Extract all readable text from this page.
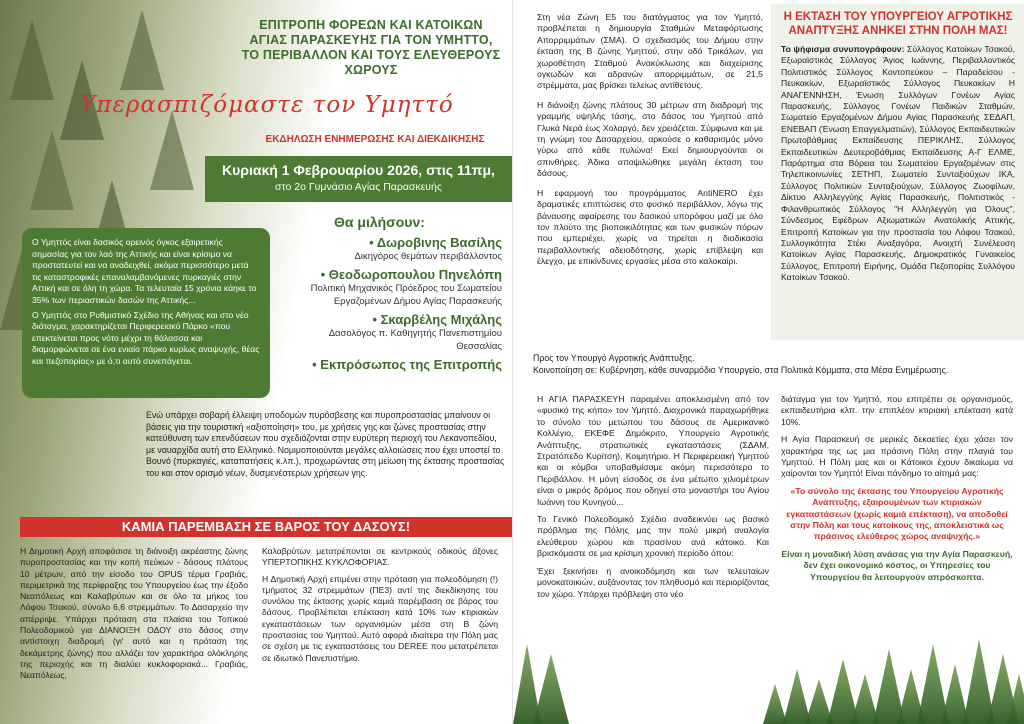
ΕΠΙΤΡΟΠΗ ΦΟΡΕΩΝ ΚΑΙ ΚΑΤΟΙΚΩΝ ΑΓΙΑΣ ΠΑΡΑΣΚΕΥΗΣ ΓΙΑ ΤΟΝ ΥΜΗΤΤΟ, ΤΟ ΠΕΡΙΒΑΛΛΟΝ ΚΑΙ ΤΟΥΣ ΕΛΕΥΘΕΡΟΥΣ ΧΩΡΟΥΣ
Υπερασπιζόμαστε τον Υμηττό
ΕΚΔΗΛΩΣΗ ΕΝΗΜΕΡΩΣΗΣ ΚΑΙ ΔΙΕΚΔΙΚΗΣΗΣ
Κυριακή 1 Φεβρουαρίου 2026, στις 11πμ,
στο 2ο Γυμνάσιο Αγίας Παρασκευής
Θα μιλήσουν:
• Δωροβινης Βασίλης
Δικηγόρος θεμάτων περιβάλλοντος
• Θεοδωροπουλου Πηνελόπη
Πολιτική Μηχανικός Πρόεδρος του Σωματείου Εργαζομένων Δήμου Αγίας Παρασκευής
• Σκαρβέλης Μιχάλης
Δασολόγος π. Καθηγητής Πανεπιστημίου Θεσσαλίας
• Εκπρόσωπος της Επιτροπής

Ο Υμηττός είναι δασικός ορεινός όγκος εξαιρετικής σημασίας για τον λαό της Αττικής και είναι κρίσιμο να προστατευτεί και να αναδειχθεί, ακόμα περισσότερο μετά τις καταστροφικές επαναλαμβανόμενες πυρκαγιές στην Αττική και σε όλη τη χώρα. Τα τελευταία 15 χρόνια κάηκε το 35% των περιαστικών δασών της Αττικής...

Ο Υμηττός στο Ρυθμιστικό Σχέδιο της Αθήνας και στο νέο διάταγμα, χαρακτηρίζεται Περιφερειακό Πάρκο «που επεκτείνεται προς νότο μέχρι τη θάλασσα και διαμορφώνεται σε ένα ενιαίο πάρκο κυρίως αναψυχής, θέας και πεζοπορίας» με ό,τι αυτό συνεπάγεται.

Ενώ υπάρχει σοβαρή έλλειψη υποδομών πυρόσβεσης και πυροπροστασίας μπαίνουν οι βάσεις για την τουριστική «αξιοποίηση» του, με χρήσεις γης και ζώνες προστασίας στην κατεύθυνση των επενδύσεων που σχεδιάζονται στην ευρύτερη περιοχή του Λεκανοπεδίου, με ναυαρχίδα αυτή στο Ελληνικό. Νομιμοποιούνται μεγάλες αλλοιώσεις που έχει υποστεί το Βουνό (πυρκαγιές, καταπατήσεις κ.λπ.), προχωρώντας στη μείωση της έκτασης προστασίας του και στον ορισμό νέων, δυσμενέστερων χρήσεων γης.
ΚΑΜΙΑ ΠΑΡΕΜΒΑΣΗ ΣΕ ΒΑΡΟΣ ΤΟΥ ΔΑΣΟΥΣ!

Η Δημοτική Αρχή αποφάσισε τη διάνοιξη ακρέαστης ζώνης πυροπροστασίας και την κοπή πεύκων - δάσους πλάτους 10 μέτρων, από την είσοδο του OPUS τέρμα Γραβιάς, περιμετρικά της περίφραξης του Υπουργείου έως την έξοδο Νεαπόλεως και Καλαβρύτων και σε όλο τα μήκος του Λόφου Τσακού, σύνολο 6,6 στρεμμάτων. Το Δασαρχείο την απέρριψε. Υπάρχει πρόταση στα πλαίσια του Τοπικού Πολεοδομικού για ΔΙΑΝΟΙΞΗ ΟΔΟΥ στο δάσος στην αντίστοιχη διαδρομή (γι' αυτό και η πρόταση της δεκάμετρης ζώνης) που αλλάζει τον χαρακτήρα ολόκληρης της περιοχής και τη διαλύει κυκλοφοριακά... Γραβιάς, Νεαπόλεως,

Καλαβρύτων μετατρέπονται σε κεντρικούς οδικούς άξονες ΥΠΕΡΤΟΠΙΚΗΣ ΚΥΚΛΟΦΟΡΙΑΣ.

Η Δημοτική Αρχή επιμένει στην πρόταση για πολεοδόμηση (!) τμήματος 32 στρεμμάτων (ΠΕ3) αντί της διεκδίκησης του συνόλου της έκτασης χωρίς καμιά παρέμβαση σε βάρος του δάσους. Προβλέπεται επέκταση κατά 10% των κτιριακών εγκαταστάσεων των οργανισμών μέσα στη Β ζώνη προστασίας του Υμηττού. Αυτό αφορά ιδιαίτερα την Πόλη μας σε σχέση με τις εγκαταστάσεις του DEREE που μετατρέπεται σε ιδιωτικό Πανεπιστήμιο.

Στη νέα Ζώνη Ε5 του διατάγματος για τον Υμηττό, προβλέπεται η δημιουργία Σταθμών Μεταφόρτωσης Απορριμμάτων (ΣΜΑ). Ο σχεδιασμός του Δήμου στην έκταση της Β ζώνης Υμηττού, στην οδό Τρικάλων, για χωροθέτηση Σταθμού Ανακύκλωσης και διαχείρισης ογκωδών και αδρανών απορριμμάτων, σε 21,5 στρέμματα, μας βρίσκει τελείως αντίθετους.

Η διάνοιξη ζώνης πλάτους 30 μέτρων στη διαδρομή της γραμμής υψηλής τάσης, στο δάσος του Υμηττού από Γλυκά Νερά έως Χολαργό, δεν χρειάζεται. Σύμφωνα και με τη γνώμη του Δασαρχείου, αρκούσε ο καθαρισμός μόνο γύρω από κάθε πυλώνα! Εκεί δημιουργούνται οι σπινθήρες. Άδικα αποψιλώθηκε μεγάλη έκταση του δάσους.

Η εφαρμογή του προγράμματος AntiNERO έχει δραματικές επιπτώσεις στο φυσικό περιβάλλον, λόγω της βάναυσης αφαίρεσης του δασικού υπορόφου μαζί με όλο τον πλούτο της βιοποικιλότητας και των φυσικών πόρων που εμπεριέχει, χωρίς να τηρείται η διαδικασία περιβαλλοντικής αδειοδότησης, χωρίς επίβλεψη και έλεγχο, με επικίνδυνες εργασίες μέσα στο καλοκαίρι.

Η ΕΚΤΑΣΗ ΤΟΥ ΥΠΟΥΡΓΕΙΟΥ ΑΓΡΟΤΙΚΗΣ ΑΝΑΠΤΥΞΗΣ ΑΝΗΚΕΙ ΣΤΗΝ ΠΟΛΗ ΜΑΣ!
Το ψήφισμα συνυπογράφουν: Σύλλογος Κατοίκων Τσακού, Εξωραϊστικός Σύλλογος Άγιος Ιωάννης, Περιβαλλοντικός Πολιτιστικός Σύλλογος Κοντοπεύκου – Παραδείσου - Πευκακίων, Εξωραϊστικός Σύλλογος Πευκακίων Η ΑΝΑΓΕΝΝΗΣΗ, Ένωση Συλλόγων Γονέων Αγίας Παρασκευής, Σύλλογος Γονέων Παιδικών Σταθμών, Σωματείο Εργαζομένων Δήμου Αγίας Παρασκευής ΣΕΔΑΠ, ΕΝΕΒΑΠ (Ένωση Επαγγελματιών), Σύλλογος Εκπαιδευτικών Πρωτοβάθμιας Εκπαίδευσης ΠΕΡΙΚΛΗΣ, Σύλλογος Εκπαιδευτικών Δευτεροβάθμιας Εκπαίδευσης Α-Γ ΕΛΜΕ, Παράρτημα στα Βόρεια του Σωματείου Εργαζομένων στις Τηλεπικοινωνίες ΣΕΤΗΠ, Σωματείο Συνταξιούχων ΙΚΑ, Σύλλογος Πολιτικών Συνταξιούχων, Σύλλογος Ζωοφίλων, Δίκτυο Αλληλεγγύης Αγίας Παρασκευής, Πολιτιστικός - Φιλανθρωπικός Σύλλογος "Η Αλληλεγγύη για Όλους", Σύνδεσμος Εφέδρων Αξιωματικών Ανατολικής Αττικής, Επιτροπή Κατοίκων για την προστασία του Λόφου Τσακού, Συλλογικότητα Στέκι Αναξαγόρα, Ανοιχτή Συνέλευση Κατοίκων Αγίας Παρασκευής, Δημοκρατικός Γυναικείος Σύλλογος, Επιτροπή Ειρήνης, Ομάδα Πεζοπορίας Συλλόγου Κατοίκων Τσακού.
Προς τον Υπουργό Αγροτικής Ανάπτυξης.
Κοινοποίηση σε: Κυβέρνηση, κάθε συναρμόδιο Υπουργείο, στα Πολιτικά Κόμματα, στα Μέσα Ενημέρωσης.

Η ΑΓΙΑ ΠΑΡΑΣΚΕΥΗ παραμένει αποκλεισμένη από τον «φυσικό της κήπο» τον Υμηττό. Διαχρονικά παραχωρήθηκε το σύνολο του μετώπου του δάσους σε Αμερικανικό Κολλέγιο, ΕΚΕΦΕ Δημόκριτο, Υπουργείο Αγροτικής Ανάπτυξης, στρατιωτικές εγκαταστάσεις (ΣΔΑΜ, Στρατόπεδο Κυρίτση), Κοιμητήριο. Η Περιφερειακή Υμηττού και οι κόμβοι υποβαθμίσαμε ακόμη περισσότερο το Περιβάλλον. Η μόνη είσοδος σε ένα μέτωπο χιλιομέτρων είναι ο μικρός δρόμος που οδηγεί στο μοναστήρι του Αγίου Ιωάννη του Κυνηγού...

Το Γενικό Πολεοδομικό Σχέδιο αναδεικνύει ως βασικό πρόβλημα της Πόλης μας την πολύ μικρή αναλογία ελεύθερου χώρου και πρασίνου ανά κάτοικο. Και βρισκόμαστε σε μια κρίσιμη χρονική περίοδο όπου:

Έχει ξεκινήσει η ανοικοδόμηση και των τελευταίων μονοκατοικιών, αυξάνοντας τον πληθυσμό και περιορίζοντας τον χώρο. Υπάρχει πρόβλεψη στο νέο

διάταγμα για τον Υμηττό, που επιτρέπει σε οργανισμούς, εκπαιδευτήρια κλπ. την επιπλέον κτιριακή επέκταση κατά 10%.

Η Αγία Παρασκευή σε μερικές δεκαετίες έχει χάσει τον χαρακτήρα της ως μια πράσινη Πόλη στην πλαγιά του Υμηττού. Η Πόλη μας και οι Κάτοικοι έχουν δικαίωμα να χαίρονται τον Υμηττό! Είναι πάνδημο το αίτημά μας:

«Το σύνολο της έκτασης του Υπουργείου Αγροτικής Ανάπτυξης, εξαιρουμένων των κτιριακών εγκαταστάσεων (χωρίς καμιά επέκταση), να αποδοθεί στην Πόλη και τους κατοίκους της, αποκλειστικά ως πράσινος ελεύθερος χώρος αναψυχής.»

Είναι η μοναδική λύση ανάσας για την Αγία Παρασκευή, δεν έχει οικονομικό κόστος, οι Υπηρεσίες του Υπουργείου θα λειτουργούν απρόσκοπτα.
